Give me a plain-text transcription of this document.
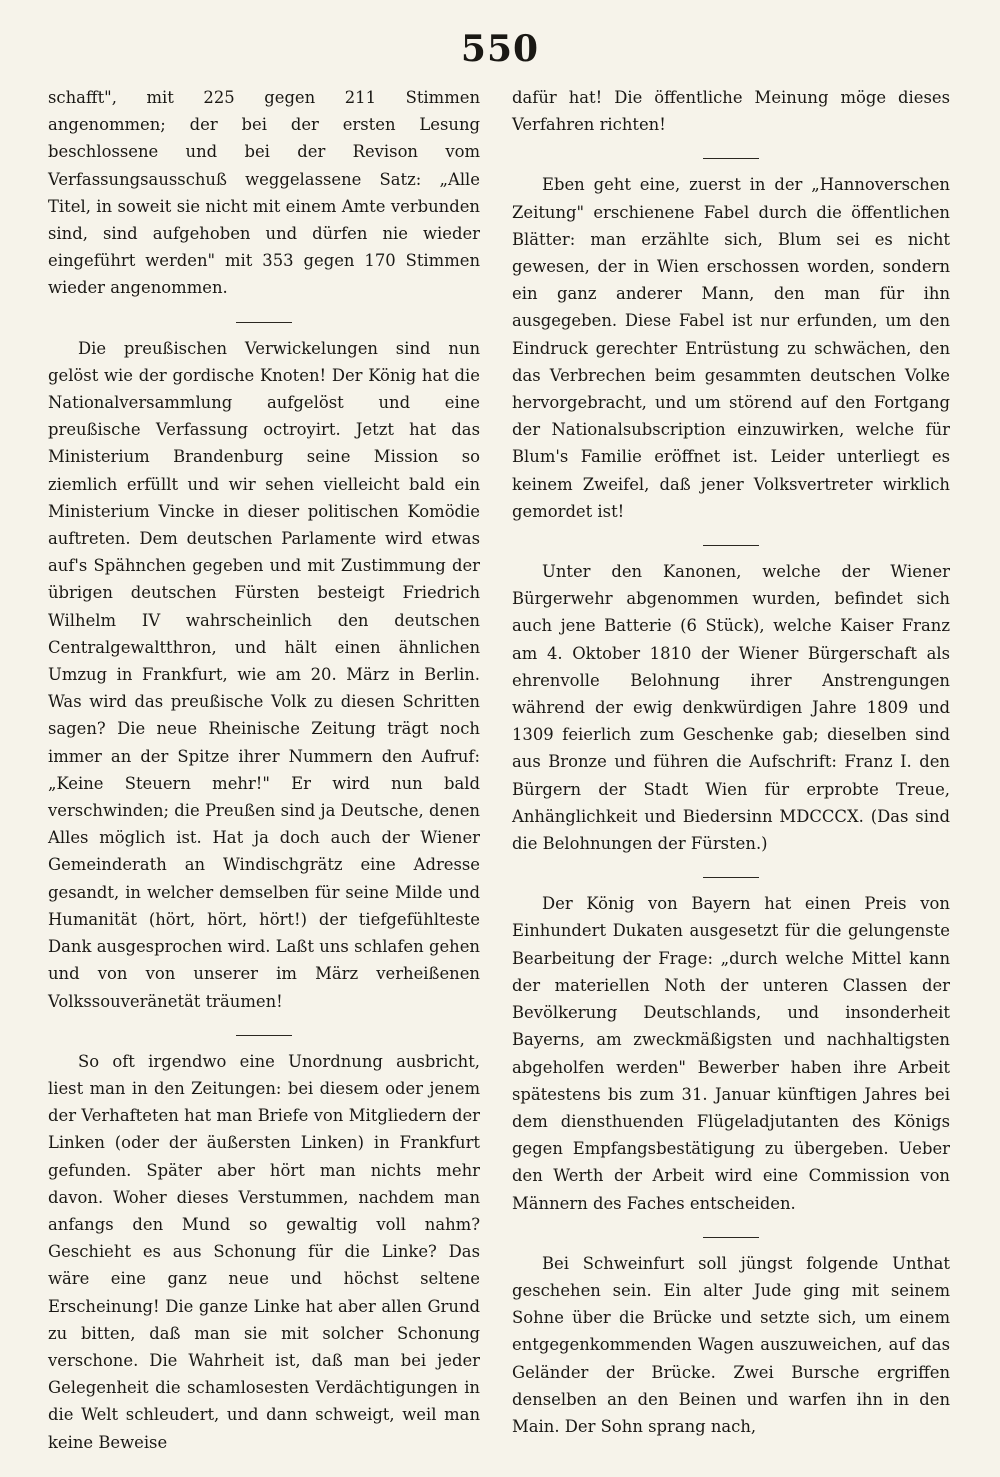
550

schafft", mit 225 gegen 211 Stimmen angenommen; der bei der ersten Lesung beschlossene und bei der Revison vom Verfassungsausschuß weggelassene Satz: „Alle Titel, in soweit sie nicht mit einem Amte verbunden sind, sind aufgehoben und dürfen nie wieder eingeführt werden" mit 353 gegen 170 Stimmen wieder angenommen.

Die preußischen Verwickelungen sind nun gelöst wie der gordische Knoten! Der König hat die Nationalversammlung aufgelöst und eine preußische Verfassung octroyirt. Jetzt hat das Ministerium Brandenburg seine Mission so ziemlich erfüllt und wir sehen vielleicht bald ein Ministerium Vincke in dieser politischen Komödie auftreten. Dem deutschen Parlamente wird etwas auf's Spähnchen gegeben und mit Zustimmung der übrigen deutschen Fürsten besteigt Friedrich Wilhelm IV wahrscheinlich den deutschen Centralgewaltthron, und hält einen ähnlichen Umzug in Frankfurt, wie am 20. März in Berlin. Was wird das preußische Volk zu diesen Schritten sagen? Die neue Rheinische Zeitung trägt noch immer an der Spitze ihrer Nummern den Aufruf: „Keine Steuern mehr!" Er wird nun bald verschwinden; die Preußen sind ja Deutsche, denen Alles möglich ist. Hat ja doch auch der Wiener Gemeinderath an Windischgrätz eine Adresse gesandt, in welcher demselben für seine Milde und Humanität (hört, hört, hört!) der tiefgefühlteste Dank ausgesprochen wird. Laßt uns schlafen gehen und von von unserer im März verheißenen Volkssouveränetät träumen!

So oft irgendwo eine Unordnung ausbricht, liest man in den Zeitungen: bei diesem oder jenem der Verhafteten hat man Briefe von Mitgliedern der Linken (oder der äußersten Linken) in Frankfurt gefunden. Später aber hört man nichts mehr davon. Woher dieses Verstummen, nachdem man anfangs den Mund so gewaltig voll nahm? Geschieht es aus Schonung für die Linke? Das wäre eine ganz neue und höchst seltene Erscheinung! Die ganze Linke hat aber allen Grund zu bitten, daß man sie mit solcher Schonung verschone. Die Wahrheit ist, daß man bei jeder Gelegenheit die schamlosesten Verdächtigungen in die Welt schleudert, und dann schweigt, weil man keine Beweise

dafür hat! Die öffentliche Meinung möge dieses Verfahren richten!

Eben geht eine, zuerst in der „Hannoverschen Zeitung" erschienene Fabel durch die öffentlichen Blätter: man erzählte sich, Blum sei es nicht gewesen, der in Wien erschossen worden, sondern ein ganz anderer Mann, den man für ihn ausgegeben. Diese Fabel ist nur erfunden, um den Eindruck gerechter Entrüstung zu schwächen, den das Verbrechen beim gesammten deutschen Volke hervorgebracht, und um störend auf den Fortgang der Nationalsubscription einzuwirken, welche für Blum's Familie eröffnet ist. Leider unterliegt es keinem Zweifel, daß jener Volksvertreter wirklich gemordet ist!

Unter den Kanonen, welche der Wiener Bürgerwehr abgenommen wurden, befindet sich auch jene Batterie (6 Stück), welche Kaiser Franz am 4. Oktober 1810 der Wiener Bürgerschaft als ehrenvolle Belohnung ihrer Anstrengungen während der ewig denkwürdigen Jahre 1809 und 1309 feierlich zum Geschenke gab; dieselben sind aus Bronze und führen die Aufschrift: Franz I. den Bürgern der Stadt Wien für erprobte Treue, Anhänglichkeit und Biedersinn MDCCCX. (Das sind die Belohnungen der Fürsten.)

Der König von Bayern hat einen Preis von Einhundert Dukaten ausgesetzt für die gelungenste Bearbeitung der Frage: „durch welche Mittel kann der materiellen Noth der unteren Classen der Bevölkerung Deutschlands, und insonderheit Bayerns, am zweckmäßigsten und nachhaltigsten abgeholfen werden" Bewerber haben ihre Arbeit spätestens bis zum 31. Januar künftigen Jahres bei dem diensthuenden Flügeladjutanten des Königs gegen Empfangsbestätigung zu übergeben. Ueber den Werth der Arbeit wird eine Commission von Männern des Faches entscheiden.

Bei Schweinfurt soll jüngst folgende Unthat geschehen sein. Ein alter Jude ging mit seinem Sohne über die Brücke und setzte sich, um einem entgegenkommenden Wagen auszuweichen, auf das Geländer der Brücke. Zwei Bursche ergriffen denselben an den Beinen und warfen ihn in den Main. Der Sohn sprang nach,
